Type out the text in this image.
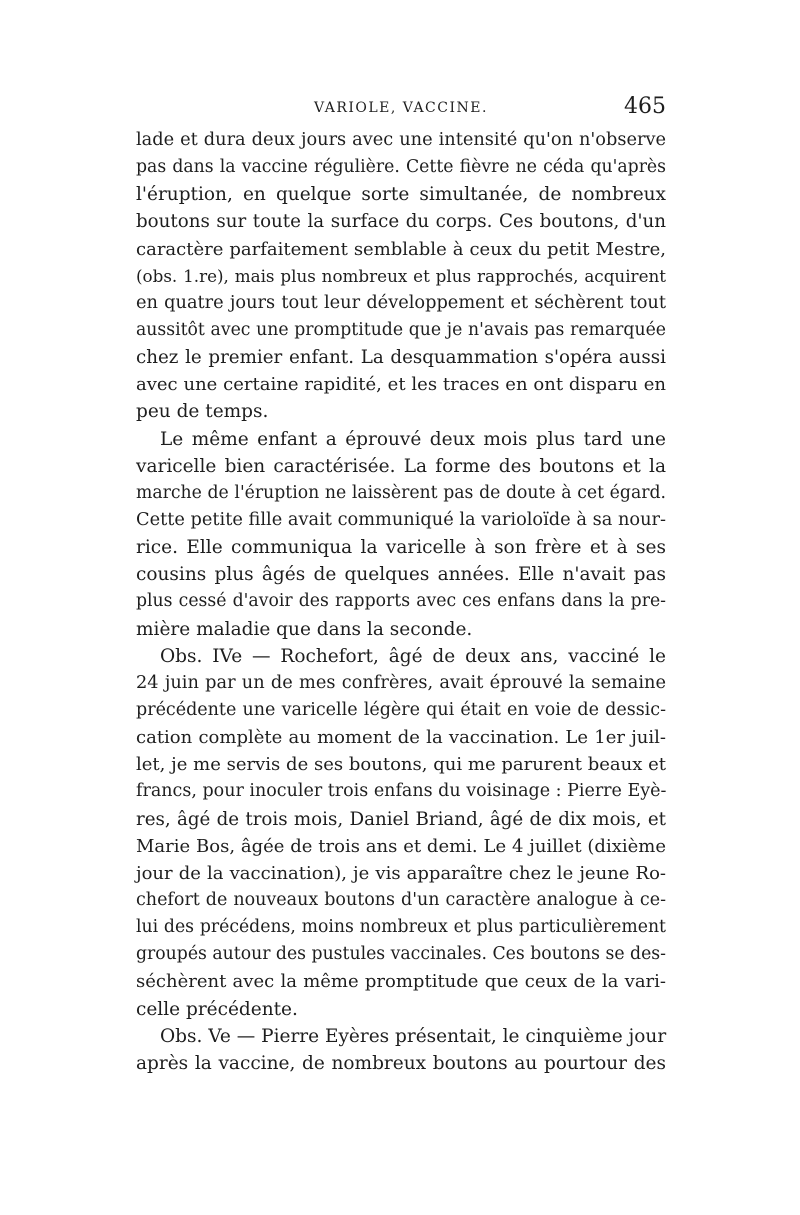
VARIOLE, VACCINE.	465
lade et dura deux jours avec une intensité qu'on n'observe
pas dans la vaccine régulière. Cette fièvre ne céda qu'après
l'éruption, en quelque sorte simultanée, de nombreux
boutons sur toute la surface du corps. Ces boutons, d'un
caractère parfaitement semblable à ceux du petit Mestre,
(obs. 1.re), mais plus nombreux et plus rapprochés, acquirent
en quatre jours tout leur développement et séchèrent tout
aussitôt avec une promptitude que je n'avais pas remarquée
chez le premier enfant. La desquammation s'opéra aussi
avec une certaine rapidité, et les traces en ont disparu en
peu de temps.
Le même enfant a éprouvé deux mois plus tard une
varicelle bien caractérisée. La forme des boutons et la
marche de l'éruption ne laissèrent pas de doute à cet égard.
Cette petite fille avait communiqué la varioloïde à sa nour-
rice. Elle communiqua la varicelle à son frère et à ses
cousins plus âgés de quelques années. Elle n'avait pas
plus cessé d'avoir des rapports avec ces enfans dans la pre-
mière maladie que dans la seconde.
Obs. IVe — Rochefort, âgé de deux ans, vacciné le
24 juin par un de mes confrères, avait éprouvé la semaine
précédente une varicelle légère qui était en voie de dessic-
cation complète au moment de la vaccination. Le 1er juil-
let, je me servis de ses boutons, qui me parurent beaux et
francs, pour inoculer trois enfans du voisinage : Pierre Eyè-
res, âgé de trois mois, Daniel Briand, âgé de dix mois, et
Marie Bos, âgée de trois ans et demi. Le 4 juillet (dixième
jour de la vaccination), je vis apparaître chez le jeune Ro-
chefort de nouveaux boutons d'un caractère analogue à ce-
lui des précédens, moins nombreux et plus particulièrement
groupés autour des pustules vaccinales. Ces boutons se des-
séchèrent avec la même promptitude que ceux de la vari-
celle précédente.
Obs. Ve — Pierre Eyères présentait, le cinquième jour
après la vaccine, de nombreux boutons au pourtour des
